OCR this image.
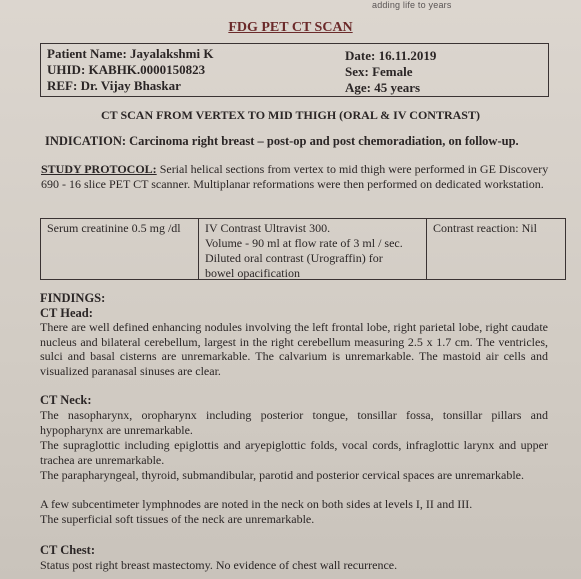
adding life to years
FDG PET CT SCAN
Patient Name: Jayalakshmi K
UHID: KABHK.0000150823
REF: Dr. Vijay Bhaskar
Date: 16.11.2019
Sex: Female
Age: 45 years
CT SCAN FROM VERTEX TO MID THIGH (ORAL & IV CONTRAST)
INDICATION: Carcinoma right breast – post-op and post chemoradiation, on follow-up.
STUDY PROTOCOL: Serial helical sections from vertex to mid thigh were performed in GE Discovery 690 - 16 slice PET CT scanner. Multiplanar reformations were then performed on dedicated workstation.
Serum creatinine 0.5 mg /dl	IV Contrast Ultravist 300.
Volume - 90 ml at flow rate of 3 ml / sec.
Diluted oral contrast (Urograffin) for
bowel opacification
Contrast reaction: Nil
FINDINGS:
CT Head:
There are well defined enhancing nodules involving the left frontal lobe, right parietal lobe, right caudate nucleus and bilateral cerebellum, largest in the right cerebellum measuring 2.5 x 1.7 cm. The ventricles, sulci and basal cisterns are unremarkable. The calvarium is unremarkable. The mastoid air cells and visualized paranasal sinuses are clear.
CT Neck:
The nasopharynx, oropharynx including posterior tongue, tonsillar fossa, tonsillar pillars and hypopharynx are unremarkable.
The supraglottic including epiglottis and aryepiglottic folds, vocal cords, infraglottic larynx and upper trachea are unremarkable.
The parapharyngeal, thyroid, submandibular, parotid and posterior cervical spaces are unremarkable.
A few subcentimeter lymphnodes are noted in the neck on both sides at levels I, II and III.
The superficial soft tissues of the neck are unremarkable.
CT Chest:
Status post right breast mastectomy. No evidence of chest wall recurrence.
